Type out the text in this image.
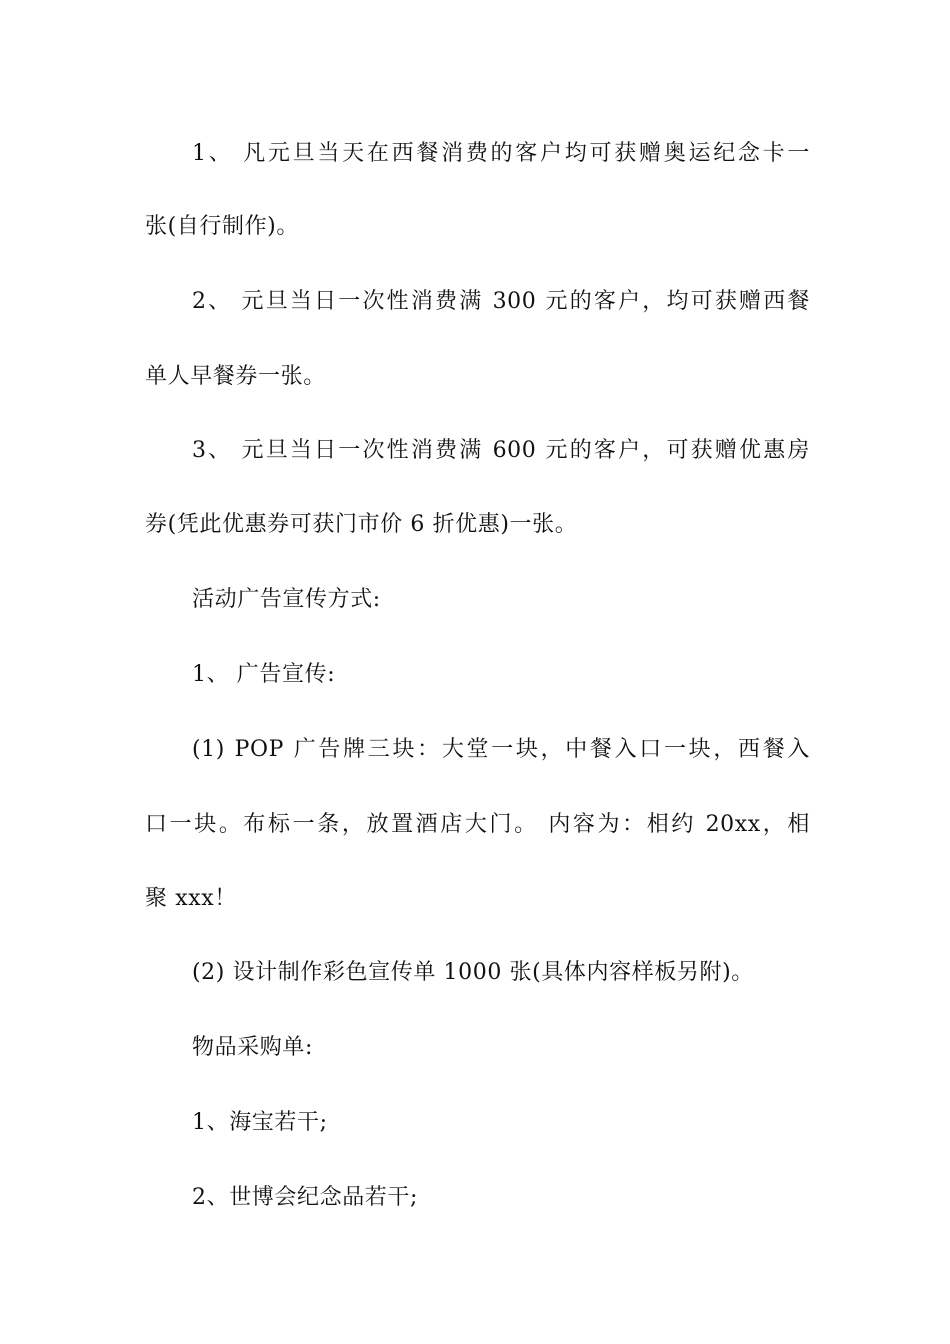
1、 凡元旦当天在西餐消费的客户均可获赠奥运纪念卡一
张(自行制作)。
2、 元旦当日一次性消费满 300 元的客户，均可获赠西餐
单人早餐券一张。
3、 元旦当日一次性消费满 600 元的客户，可获赠优惠房
券(凭此优惠券可获门市价 6 折优惠)一张。
活动广告宣传方式:
1、 广告宣传:
(1) POP 广告牌三块：大堂一块，中餐入口一块，西餐入
口一块。布标一条，放置酒店大门。 内容为：相约 20xx，相
聚 xxx！
(2) 设计制作彩色宣传单 1000 张(具体内容样板另附)。
物品采购单:
1、海宝若干;
2、世博会纪念品若干;
